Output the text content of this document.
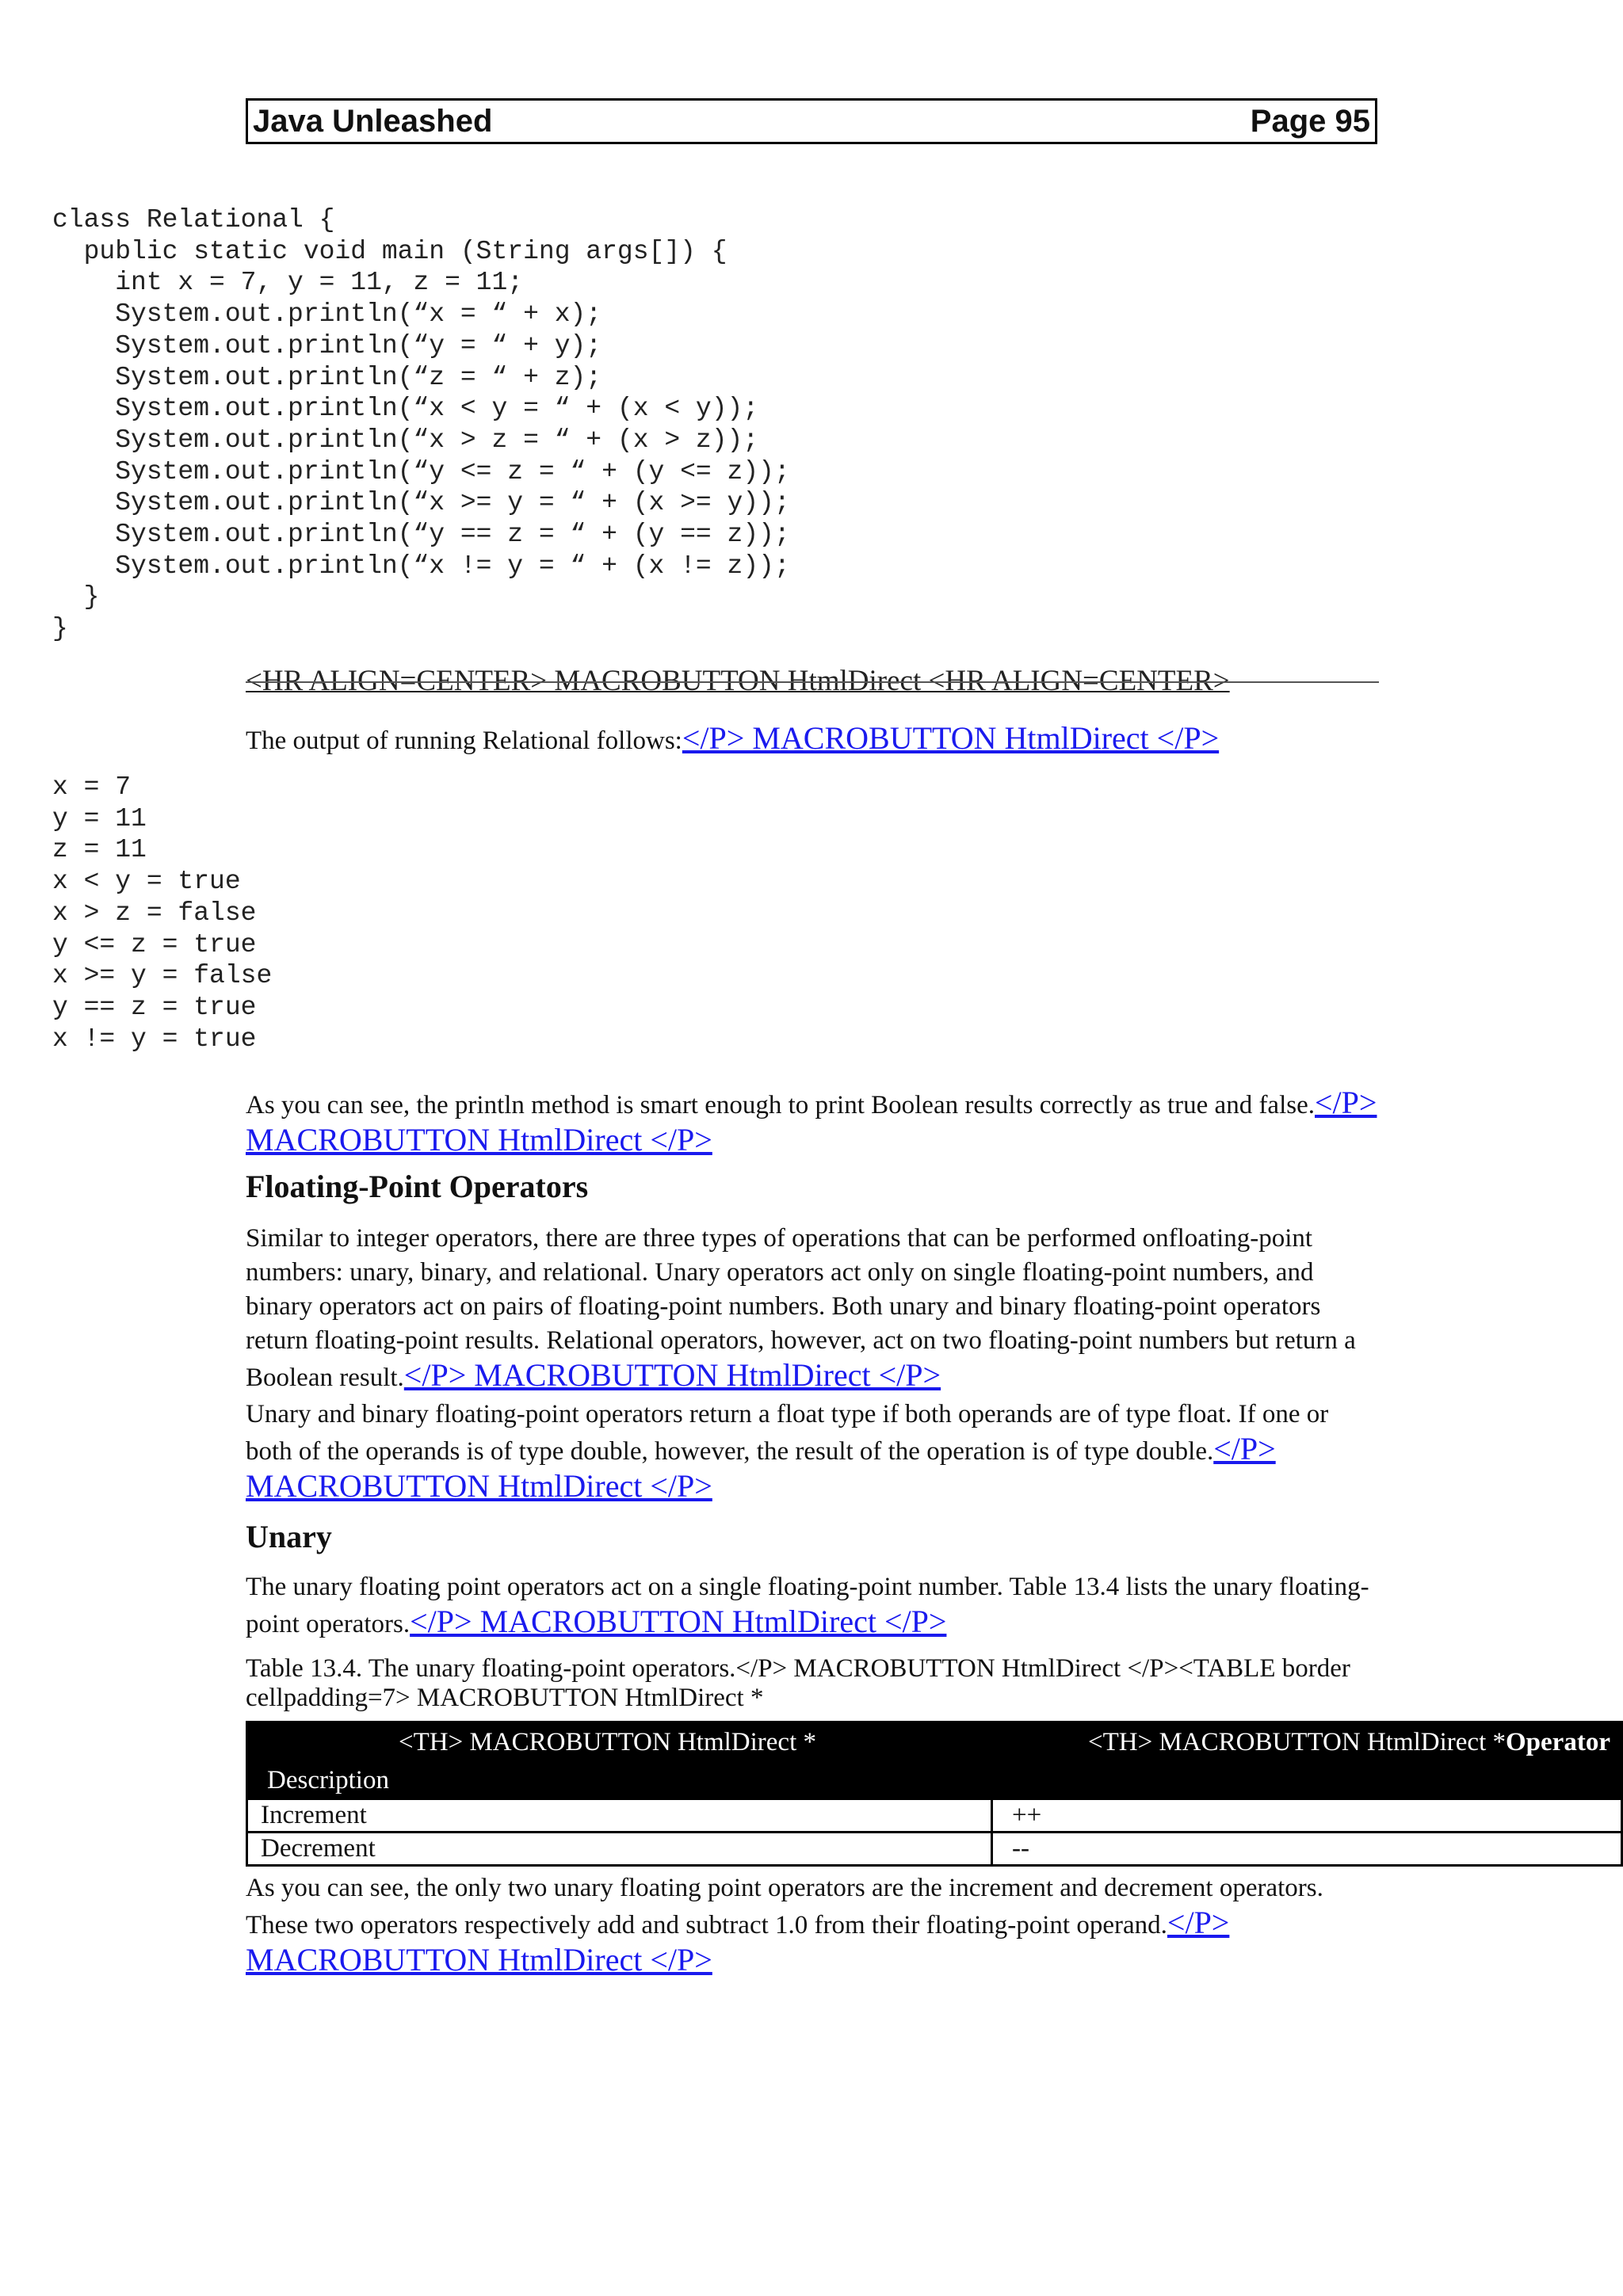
Java Unleashed	Page 95
class Relational {
public static void main (String args[]) {
int x = 7, y = 11, z = 11;
System.out.println(“x = “ + x);
System.out.println(“y = “ + y);
System.out.println(“z = “ + z);
System.out.println(“x < y = “ + (x < y));
System.out.println(“x > z = “ + (x > z));
System.out.println(“y <= z = “ + (y <= z));
System.out.println(“x >= y = “ + (x >= y));
System.out.println(“y == z = “ + (y == z));
System.out.println(“x != y = “ + (x != z));
}
}
<HR ALIGN=CENTER> MACROBUTTON HtmlDirect <HR ALIGN=CENTER>
The output of running Relational follows:</P> MACROBUTTON HtmlDirect </P>
x = 7
y = 11
z = 11
x < y = true
x > z = false
y <= z = true
x >= y = false
y == z = true
x != y = true
As you can see, the println method is smart enough to print Boolean results correctly as true and false.</P> MACROBUTTON HtmlDirect </P>
Floating-Point Operators
Similar to integer operators, there are three types of operations that can be performed onfloating-point numbers: unary, binary, and relational. Unary operators act only on single floating-point numbers, and binary operators act on pairs of floating-point numbers. Both unary and binary floating-point operators return floating-point results. Relational operators, however, act on two floating-point numbers but return a Boolean result.</P> MACROBUTTON HtmlDirect </P>
Unary and binary floating-point operators return a float type if both operands are of type float. If one or both of the operands is of type double, however, the result of the operation is of type double.</P> MACROBUTTON HtmlDirect </P>
Unary
The unary floating point operators act on a single floating-point number. Table 13.4 lists the unary floating-point operators.</P> MACROBUTTON HtmlDirect </P>
Table 13.4. The unary floating-point operators.</P> MACROBUTTON HtmlDirect </P><TABLE border cellpadding=7> MACROBUTTON HtmlDirect *
<TH> MACROBUTTON HtmlDirect *	<TH> MACROBUTTON HtmlDirect *Operator
Description
Increment	++
Decrement	--
As you can see, the only two unary floating point operators are the increment and decrement operators. These two operators respectively add and subtract 1.0 from their floating-point operand.</P> MACROBUTTON HtmlDirect </P>
